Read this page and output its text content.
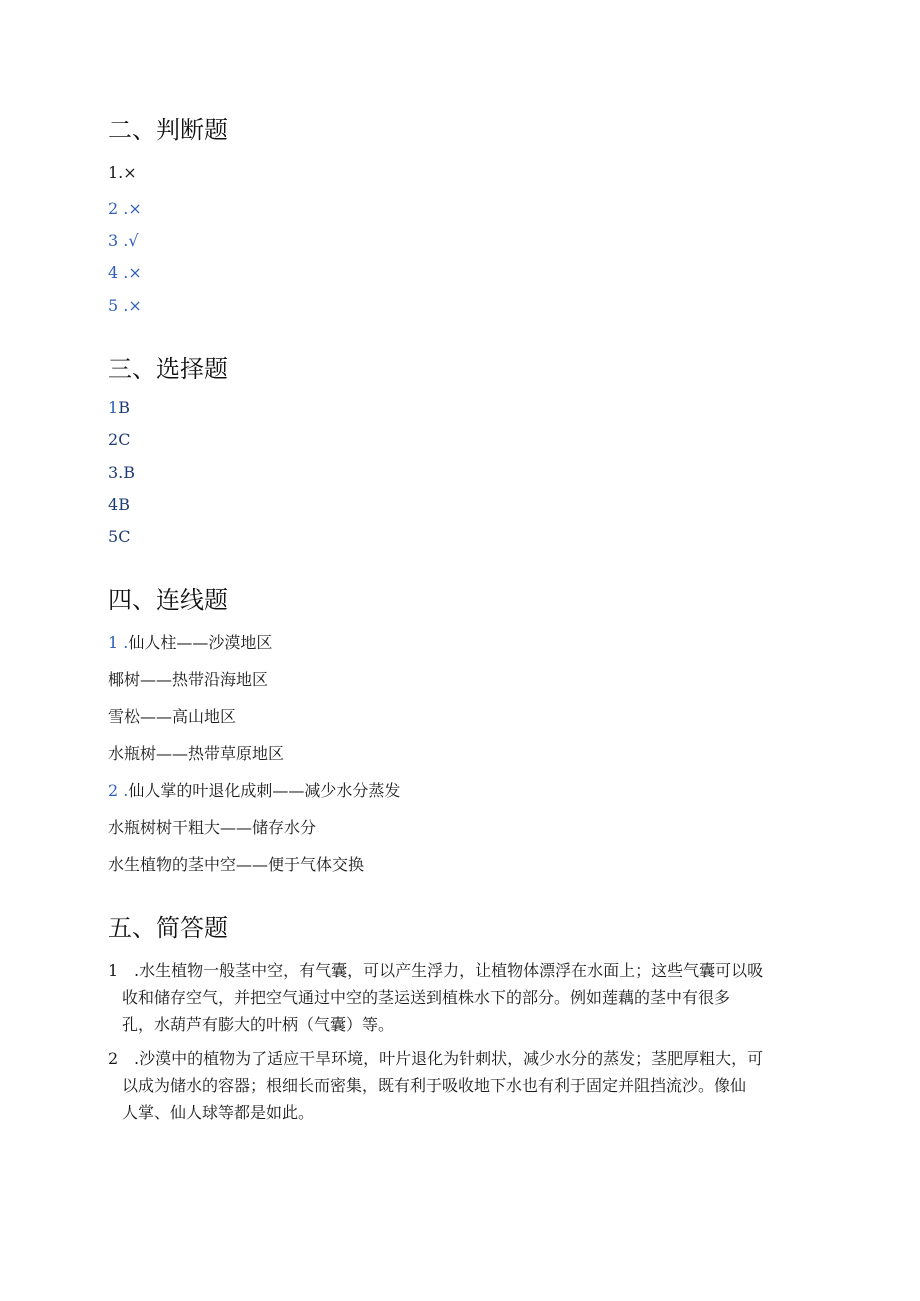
二、判断题
1.×
2 .×
3 .√
4 .×
5 .×
三、选择题
1B
2C
3.B
4B
5C
四、连线题
1 .仙人柱——沙漠地区
椰树——热带沿海地区
雪松——高山地区
水瓶树——热带草原地区
2 .仙人掌的叶退化成刺——减少水分蒸发
水瓶树树干粗大——储存水分
水生植物的茎中空——便于气体交换
五、简答题
1 .水生植物一般茎中空，有气囊，可以产生浮力，让植物体漂浮在水面上；这些气囊可以吸
收和储存空气，并把空气通过中空的茎运送到植株水下的部分。例如莲藕的茎中有很多
孔，水葫芦有膨大的叶柄（气囊）等。
2 .沙漠中的植物为了适应干旱环境，叶片退化为针刺状，减少水分的蒸发；茎肥厚粗大，可
以成为储水的容器；根细长而密集，既有利于吸收地下水也有利于固定并阻挡流沙。像仙
人掌、仙人球等都是如此。
